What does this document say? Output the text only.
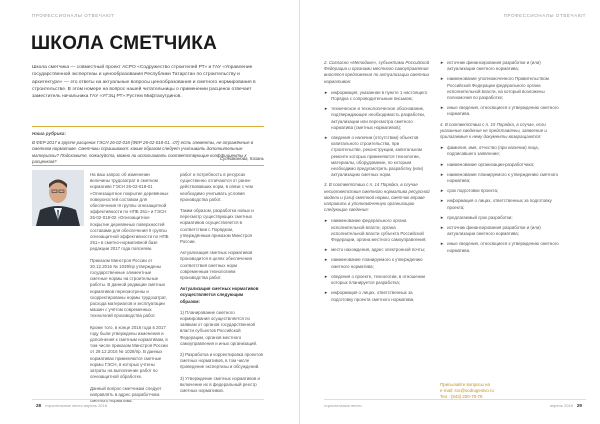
ПРОФЕССИОНАЛЫ ОТВЕЧАЮТ
ШКОЛА СМЕТЧИКА
Школа сметчика — совместный проект АСРО «Содружество строителей РТ» и ГАУ «Управление государственной экспертизы и ценообразования Республики Татарстан по строительству и архитектуре» — это ответы на актуальные вопросы ценообразования и сметного нормирования в строительстве. В этом номере на вопрос нашей читательницы о применении расценок отвечает заместитель начальника ГАУ «УГЭЦ РТ» Рустем Мифтахутдинов.
Наша рубрика:
В ФЕР-2017 в группе расценок ГЭСН 26-02-018 (ФЕР 26-02-018-01...07) есть элементы, не отражённые в сметном нормативе. Сметчики спрашивают: каким образом следует учитывать дополнительные материалы? Подскажите, пожалуйста, можно ли использовать соответствующие коэффициенты к расценкам?
Сулейманова, Казань

На ваш запрос об изменении величины трудозатрат в сметном нормативе ГЭСН 26-02-018-01 «Огнезащитное покрытие деревянных поверхностей составом для обеспечения III группы огнезащитной эффективности по НПБ 251» и ГЭСН 26-02-018-02 «Огнезащитное покрытие деревянных поверхностей составами для обеспечения II группы огнезащитной эффективности по НПБ 251» в сметно-нормативной базе редакции 2017 года поясняем.

Приказом Минстроя России от 30.12.2016 № 1039/пр утверждены государственные элементные сметные нормы на строительные работы. В данной редакции сметных нормативов пересмотрены и скорректированы нормы трудозатрат, расхода материалов и эксплуатации машин с учётом современных технологий производства работ.

Кроме того, в конце 2016 года в 2017 году были утверждены изменения и дополнения к сметным нормативам, в том числе приказом Минстроя России от 29.12.2016 № 1028/пр. В данных нормативах применяются сметные нормы ГЭСН, в которых учтены затраты на выполнение работ по огнезащитной обработке.

Данный вопрос сметчикам следует направлять в адрес разработчика сметного норматива.

работ и потребность в ресурсах существенно отличаются от ранее действовавших норм, в связи с чем необходимо учитывать условия производства работ.

Таким образом, разработка новых и пересмотр существующих сметных нормативов осуществляется в соответствии с Порядком, утверждённым приказом Минстроя России.

Актуализация сметных нормативов производится в целях обеспечения соответствия сметных норм современным технологиям производства работ.

Актуализация сметных нормативов осуществляется следующим образом:

1) Планирование сметного нормирования осуществляется по заявкам от органов государственной власти субъектов Российской Федерации, органов местного самоуправления и иных организаций.

2) Разработка и корректировка проектов сметных нормативов, в том числе проведение экспертизы и обсуждений.

3) Утверждение сметных нормативов и включение их в федеральный реестр сметных нормативов.

28 строительные вести апрель 2018
ПРОФЕССИОНАЛЫ ОТВЕЧАЮТ

2. Согласно «Методике», субъектами Российской Федерации и органами местного самоуправления вносятся предложения по актуализации сметных нормативов:

► информация, указанная в пункте 1 настоящего Порядка с сопроводительным письмом;
► техническое и технологическое обоснование, подтверждающее необходимость разработки, актуализации или пересмотра сметного норматива (сметных нормативов);
► сведения о наличии (отсутствии) объектов капитального строительства, при строительстве, реконструкции, капитальном ремонте которых применяются технологии, материалы, оборудование, по которым необходимо предусмотреть разработку (или) актуализацию сметных норм.

3. В соответствии с п. 14 Порядка, в случае несоответствия сметного норматива ресурсной модели и (или) сметной нормы, сметчик вправе направить в уполномоченную организацию следующие сведения:

► наименование федерального органа исполнительной власти, органа исполнительной власти субъекта Российской Федерации, органа местного самоуправления;
► место нахождения, адрес электронной почты;
► наименование планируемого к утверждению сметного норматива;
► сведения о проекте, технологии, в отношении которых планируется разработка;
► информация о лицах, ответственных за подготовку проекта сметного норматива.
► источник финансирования разработки и (или) актуализации сметного норматива;
► наименование уполномоченного Правительством Российской Федерации федерального органа исполнительной власти, на который возложены полномочия по разработке;
► иные сведения, относящиеся к утверждению сметного норматива.

4. В соответствии с п. 15 Порядка, в случае, если указанные сведения не представлены, заявление и прилагаемые к нему документы возвращаются:

► фамилия, имя, отчество (при наличии) лица, подписавшего заявление;
► наименование организации-разработчика;
► наименование планируемого к утверждению сметного норматива;
► срок подготовки проекта;
► информация о лицах, ответственных за подготовку проекта;
► предлагаемый срок разработки;
► источник финансирования разработки и (или) актуализации сметного норматива;
► иные сведения, относящиеся к утверждению сметного норматива.
Присылайте вопросы на
e-mail: sro@sodrugestvo.ru
Тел.: (843) 200-70-78
строительные вести	апрель 2018 29
